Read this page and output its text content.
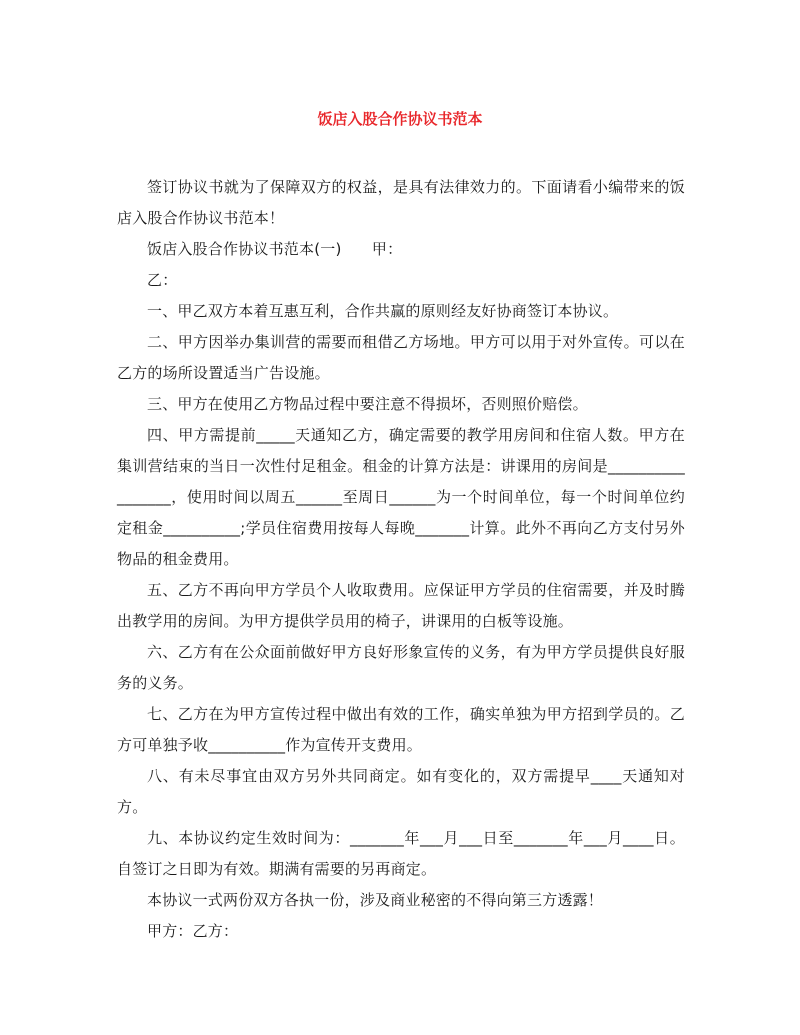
饭店入股合作协议书范本

签订协议书就为了保障双方的权益，是具有法律效力的。下面请看小编带来的饭店入股合作协议书范本！

饭店入股合作协议书范本(一)　　甲：

乙：

一、甲乙双方本着互惠互利，合作共赢的原则经友好协商签订本协议。

二、甲方因举办集训营的需要而租借乙方场地。甲方可以用于对外宣传。可以在乙方的场所设置适当广告设施。

三、甲方在使用乙方物品过程中要注意不得损坏，否则照价赔偿。

四、甲方需提前_____天通知乙方，确定需要的教学用房间和住宿人数。甲方在集训营结束的当日一次性付足租金。租金的计算方法是：讲课用的房间是_________________，使用时间以周五______至周日______为一个时间单位，每一个时间单位约定租金__________;学员住宿费用按每人每晚_______计算。此外不再向乙方支付另外物品的租金费用。

五、乙方不再向甲方学员个人收取费用。应保证甲方学员的住宿需要，并及时腾出教学用的房间。为甲方提供学员用的椅子，讲课用的白板等设施。

六、乙方有在公众面前做好甲方良好形象宣传的义务，有为甲方学员提供良好服务的义务。

七、乙方在为甲方宣传过程中做出有效的工作，确实单独为甲方招到学员的。乙方可单独予收__________作为宣传开支费用。

八、有未尽事宜由双方另外共同商定。如有变化的，双方需提早____天通知对方。

九、本协议约定生效时间为：_______年___月___日至_______年___月____日。自签订之日即为有效。期满有需要的另再商定。

本协议一式两份双方各执一份，涉及商业秘密的不得向第三方透露！

甲方：乙方：
